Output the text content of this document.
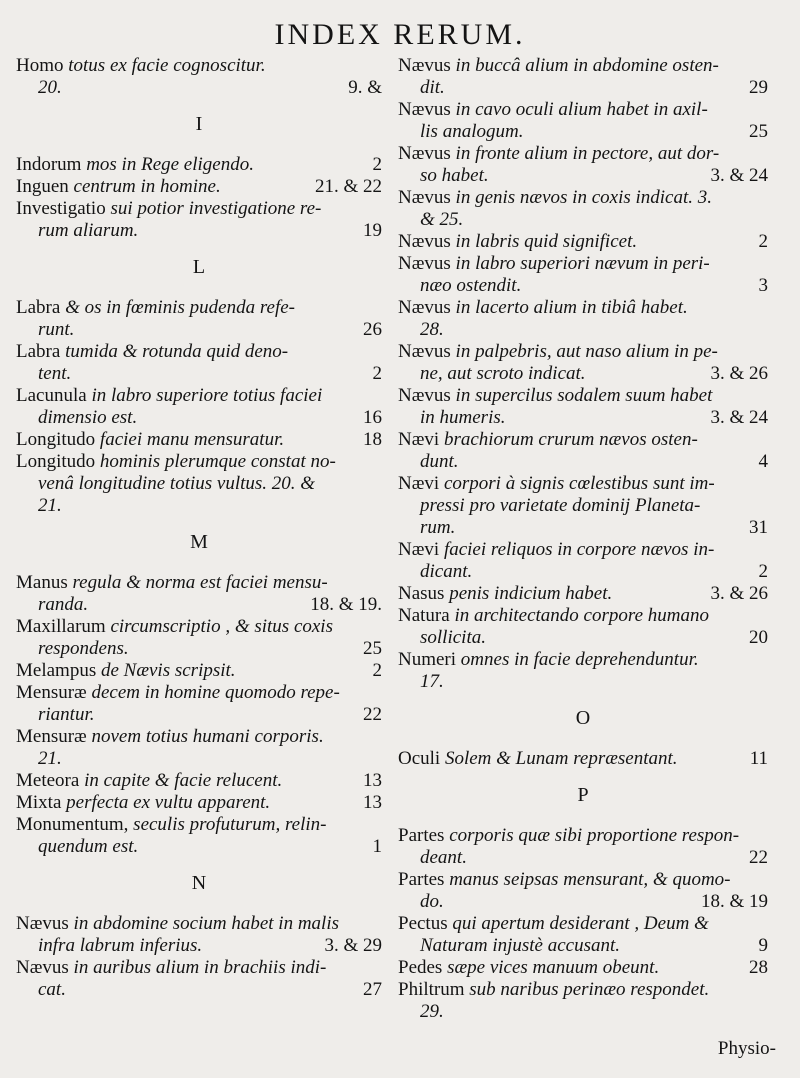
INDEX RERUM.
Homo totus ex facie cognoscitur.
9. &
20.
I
2
Indorum mos in Rege eligendo.
21. & 22
Inguen centrum in homine.
Investigatio sui potior investigatione re-
19
rum aliarum.
L
Labra & os in fœminis pudenda refe-
26
runt.
Labra tumida & rotunda quid deno-
2
tent.
Lacunula in labro superiore totius faciei
16
dimensio est.
18
Longitudo faciei manu mensuratur.
Longitudo hominis plerumque constat no-
venâ longitudine totius vultus. 20. &
21.
M
Manus regula & norma est faciei mensu-
18. & 19.
randa.
Maxillarum circumscriptio , & situs coxis
25
respondens.
2
Melampus de Nævis scripsit.
Mensuræ decem in homine quomodo repe-
22
riantur.
Mensuræ novem totius humani corporis.
21.
13
Meteora in capite & facie relucent.
13
Mixta perfecta ex vultu apparent.
Monumentum, seculis profuturum, relin-
1
quendum est.
N
Nævus in abdomine socium habet in malis
3. & 29
infra labrum inferius.
Nævus in auribus alium in brachiis indi-
27
cat.
Nævus in buccâ alium in abdomine osten-
29
dit.
Nævus in cavo oculi alium habet in axil-
25
lis analogum.
Nævus in fronte alium in pectore, aut dor-
3. & 24
so habet.
Nævus in genis nævos in coxis indicat. 3.
& 25.
2
Nævus in labris quid significet.
Nævus in labro superiori nævum in peri-
3
næo ostendit.
Nævus in lacerto alium in tibiâ habet.
28.
Nævus in palpebris, aut naso alium in pe-
3. & 26
ne, aut scroto indicat.
Nævus in supercilus sodalem suum habet
3. & 24
in humeris.
Nævi brachiorum crurum nævos osten-
4
dunt.
Nævi corpori à signis cœlestibus sunt im-
pressi pro varietate dominij Planeta-
31
rum.
Nævi faciei reliquos in corpore nævos in-
2
dicant.
3. & 26
Nasus penis indicium habet.
Natura in architectando corpore humano
20
sollicita.
Numeri omnes in facie deprehenduntur.
17.
O
11
Oculi Solem & Lunam repræsentant.
P
Partes corporis quæ sibi proportione respon-
22
deant.
Partes manus seipsas mensurant, & quomo-
18. & 19
do.
Pectus qui apertum desiderant , Deum &
9
Naturam injustè accusant.
28
Pedes sæpe vices manuum obeunt.
Philtrum sub naribus perinæo respondet.
29.
Physio-
